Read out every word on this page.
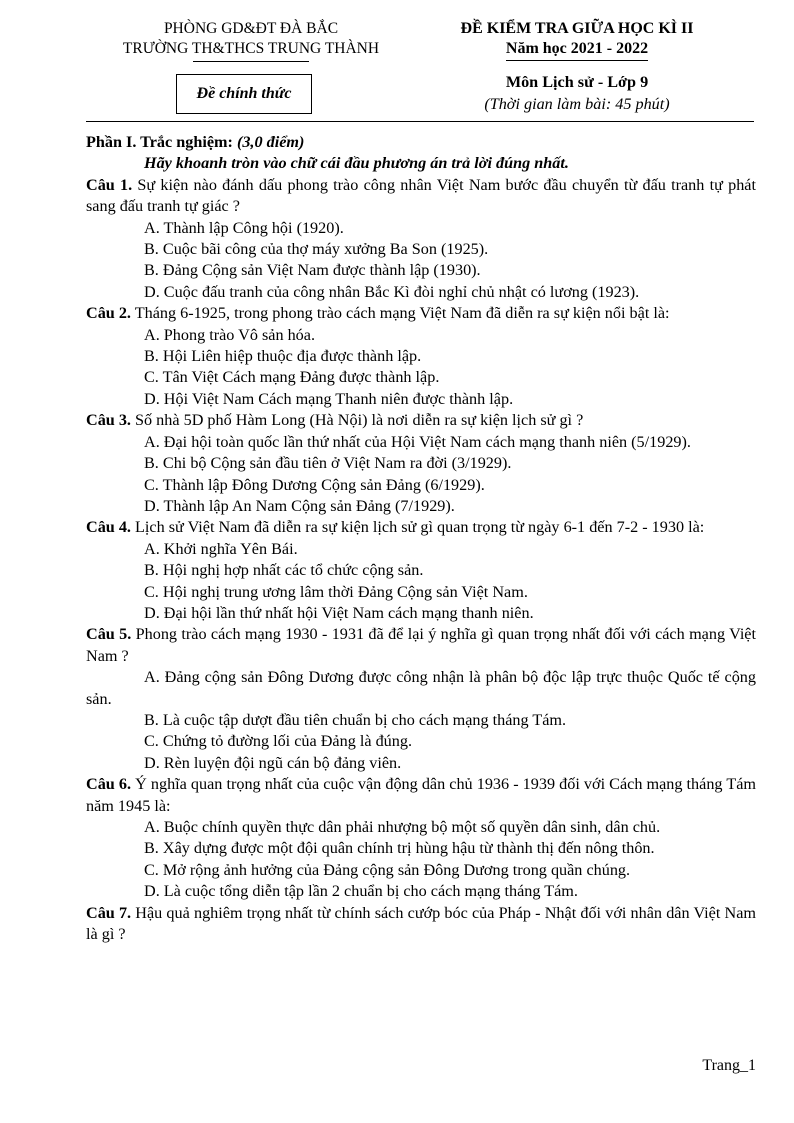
PHÒNG GD&ĐT ĐÀ BẮC
TRƯỜNG TH&THCS TRUNG THÀNH
ĐỀ KIỂM TRA GIỮA HỌC KÌ II
Năm học 2021 - 2022
Đề chính thức
Môn Lịch sử - Lớp 9
(Thời gian làm bài: 45 phút)
Phần I. Trắc nghiệm: (3,0 điểm)
Hãy khoanh tròn vào chữ cái đầu phương án trả lời đúng nhất.
Câu 1. Sự kiện nào đánh dấu phong trào công nhân Việt Nam bước đầu chuyển từ đấu tranh tự phát sang đấu tranh tự giác ?
A. Thành lập Công hội (1920).
B. Cuộc bãi công của thợ máy xưởng Ba Son (1925).
B. Đảng Cộng sản Việt Nam được thành lập (1930).
D. Cuộc đấu tranh của công nhân Bắc Kì đòi nghỉ chủ nhật có lương (1923).
Câu 2. Tháng 6-1925, trong phong trào cách mạng Việt Nam đã diễn ra sự kiện nổi bật là:
A. Phong trào Vô sản hóa.
B. Hội Liên hiệp thuộc địa được thành lập.
C. Tân Việt Cách mạng Đảng được thành lập.
D. Hội Việt Nam Cách mạng Thanh niên được thành lập.
Câu 3. Số nhà 5D phố Hàm Long (Hà Nội) là nơi diễn ra sự kiện lịch sử gì ?
A. Đại hội toàn quốc lần thứ nhất của Hội Việt Nam cách mạng thanh niên (5/1929).
B. Chi bộ Cộng sản đầu tiên ở Việt Nam ra đời (3/1929).
C. Thành lập Đông Dương Cộng sản Đảng (6/1929).
D. Thành lập An Nam Cộng sản Đảng (7/1929).
Câu 4. Lịch sử Việt Nam đã diễn ra sự kiện lịch sử gì quan trọng từ ngày 6-1 đến 7-2 - 1930 là:
A. Khởi nghĩa Yên Bái.
B. Hội nghị hợp nhất các tổ chức cộng sản.
C. Hội nghị trung ương lâm thời Đảng Cộng sản Việt Nam.
D. Đại hội lần thứ nhất hội Việt Nam cách mạng thanh niên.
Câu 5. Phong trào cách mạng 1930 - 1931 đã để lại ý nghĩa gì quan trọng nhất đối với cách mạng Việt Nam ?
A. Đảng cộng sản Đông Dương được công nhận là phân bộ độc lập trực thuộc Quốc tế cộng sản.
B. Là cuộc tập dượt đầu tiên chuẩn bị cho cách mạng tháng Tám.
C. Chứng tỏ đường lối của Đảng là đúng.
D. Rèn luyện đội ngũ cán bộ đảng viên.
Câu 6. Ý nghĩa quan trọng nhất của cuộc vận động dân chủ 1936 - 1939 đối với Cách mạng tháng Tám năm 1945 là:
A. Buộc chính quyền thực dân phải nhượng bộ một số quyền dân sinh, dân chủ.
B. Xây dựng được một đội quân chính trị hùng hậu từ thành thị đến nông thôn.
C. Mở rộng ảnh hưởng của Đảng cộng sản Đông Dương trong quần chúng.
D. Là cuộc tổng diễn tập lần 2 chuẩn bị cho cách mạng tháng Tám.
Câu 7. Hậu quả nghiêm trọng nhất từ chính sách cướp bóc của Pháp - Nhật đối với nhân dân Việt Nam là gì ?
Trang_1
